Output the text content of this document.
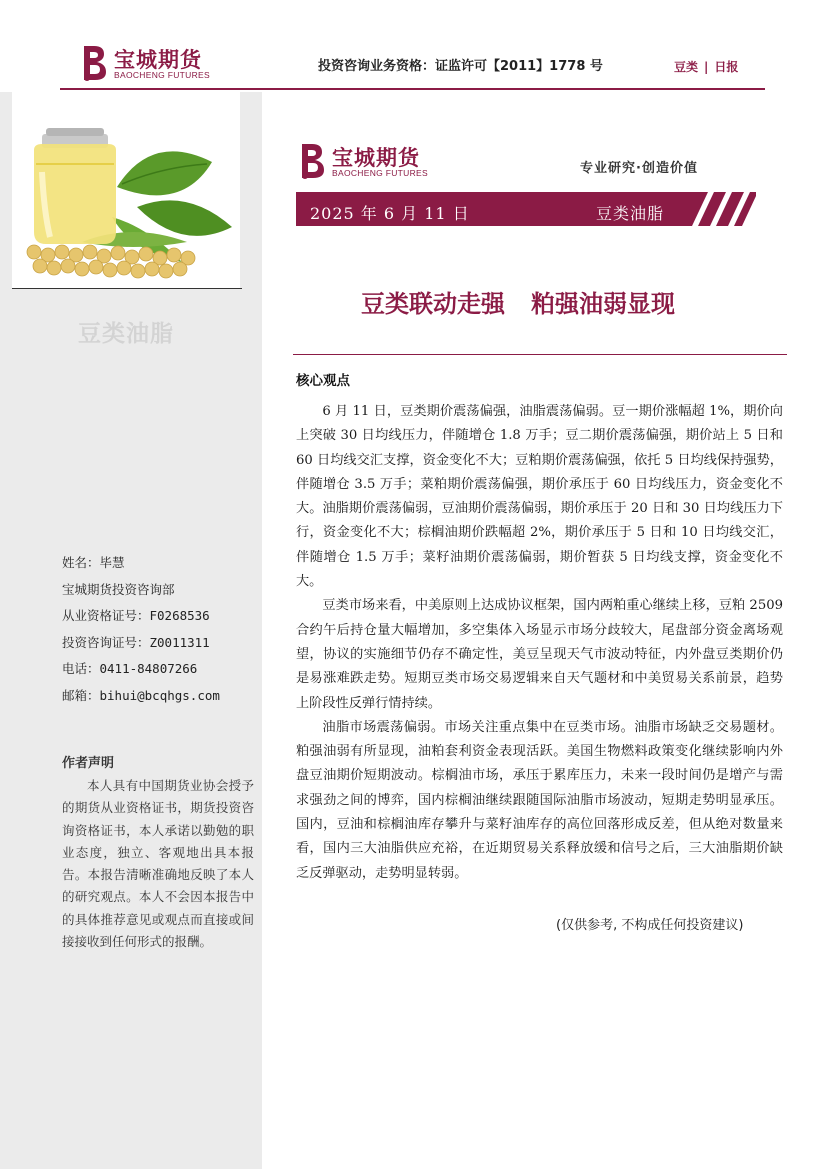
宝城期货
BAOCHENG FUTURES
投资咨询业务资格：证监许可【2011】1778 号	豆类 | 日报
豆类油脂
姓名：毕慧
宝城期货投资咨询部
从业资格证号：F0268536
投资咨询证号：Z0011311
电话：0411-84807266
邮箱：bihui@bcqhgs.com
作者声明
本人具有中国期货业协会授予的期货从业资格证书，期货投资咨询资格证书，本人承诺以勤勉的职业态度，独立、客观地出具本报告。本报告清晰准确地反映了本人的研究观点。本人不会因本报告中的具体推荐意见或观点而直接或间接接收到任何形式的报酬。
宝城期货
BAOCHENG FUTURES	专业研究·创造价值
2025 年 6 月 11 日	豆类油脂
豆类联动走强 粕强油弱显现
核心观点

6 月 11 日，豆类期价震荡偏强，油脂震荡偏弱。豆一期价涨幅超 1%，期价向上突破 30 日均线压力，伴随增仓 1.8 万手；豆二期价震荡偏强，期价站上 5 日和 60 日均线交汇支撑，资金变化不大；豆粕期价震荡偏强，依托 5 日均线保持强势，伴随增仓 3.5 万手；菜粕期价震荡偏强，期价承压于 60 日均线压力，资金变化不大。油脂期价震荡偏弱，豆油期价震荡偏弱，期价承压于 20 日和 30 日均线压力下行，资金变化不大；棕榈油期价跌幅超 2%，期价承压于 5 日和 10 日均线交汇，伴随增仓 1.5 万手；菜籽油期价震荡偏弱，期价暂获 5 日均线支撑，资金变化不大。

豆类市场来看，中美原则上达成协议框架，国内两粕重心继续上移，豆粕 2509 合约午后持仓量大幅增加，多空集体入场显示市场分歧较大，尾盘部分资金离场观望，协议的实施细节仍存不确定性，美豆呈现天气市波动特征，内外盘豆类期价仍是易涨难跌走势。短期豆类市场交易逻辑来自天气题材和中美贸易关系前景，趋势上阶段性反弹行情持续。

油脂市场震荡偏弱。市场关注重点集中在豆类市场。油脂市场缺乏交易题材。粕强油弱有所显现，油粕套利资金表现活跃。美国生物燃料政策变化继续影响内外盘豆油期价短期波动。棕榈油市场，承压于累库压力，未来一段时间仍是增产与需求强劲之间的博弈，国内棕榈油继续跟随国际油脂市场波动，短期走势明显承压。国内，豆油和棕榈油库存攀升与菜籽油库存的高位回落形成反差，但从绝对数量来看，国内三大油脂供应充裕，在近期贸易关系释放缓和信号之后，三大油脂期价缺乏反弹驱动，走势明显转弱。

(仅供参考, 不构成任何投资建议)
